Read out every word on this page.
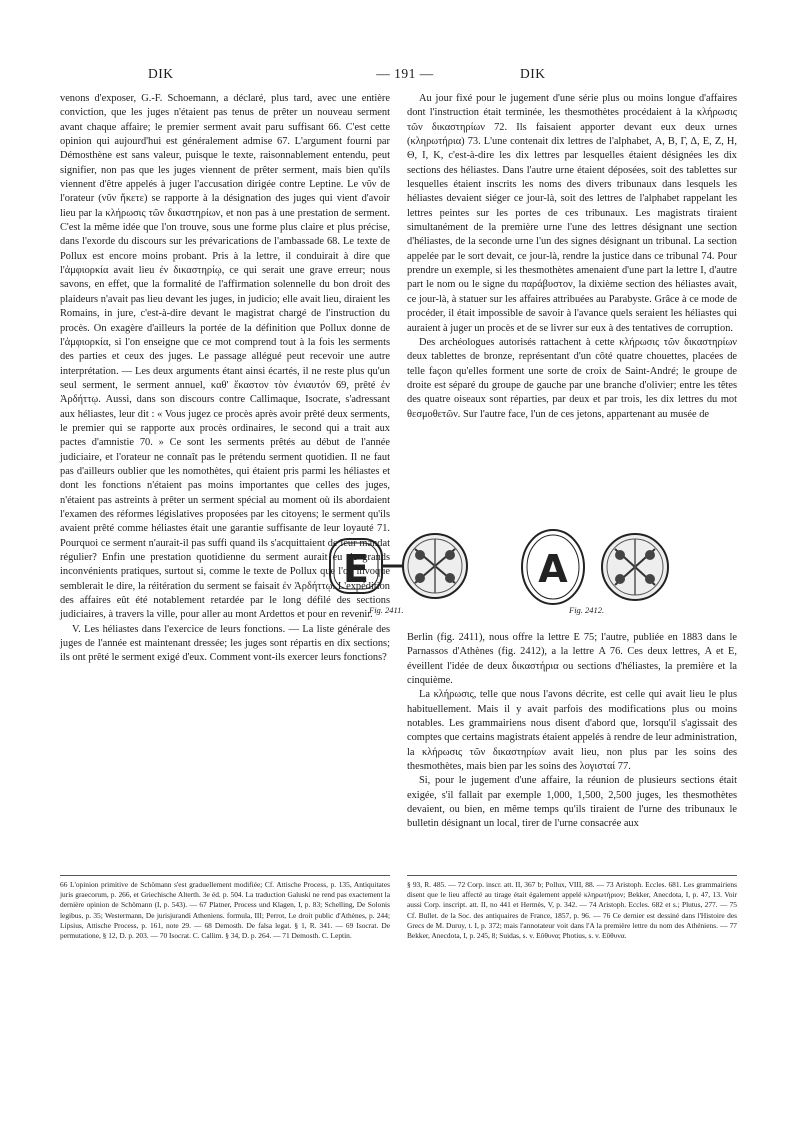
DIK	— 191 —	DIK

venons d'exposer, G.-F. Schoemann, a déclaré, plus tard, avec une entière conviction, que les juges n'étaient pas tenus de prêter un nouveau serment avant chaque affaire; le premier serment avait paru suffisant 66. C'est cette opinion qui aujourd'hui est généralement admise 67. L'argument fourni par Démosthène est sans valeur, puisque le texte, raisonnablement entendu, peut signifier, non pas que les juges viennent de prêter serment, mais bien qu'ils viennent d'être appelés à juger l'accusation dirigée contre Leptine. Le νῦν de l'orateur (νῦν ἥκετε) se rapporte à la désignation des juges qui vient d'avoir lieu par la κλήρωσις τῶν δικαστηρίων, et non pas à une prestation de serment. C'est la même idée que l'on trouve, sous une forme plus claire et plus précise, dans l'exorde du discours sur les prévarications de l'ambassade 68. Le texte de Pollux est encore moins probant. Pris à la lettre, il conduirait à dire que l'ἀμφιορκία avait lieu ἐν δικαστηρίῳ, ce qui serait une grave erreur; nous savons, en effet, que la formalité de l'affirmation solennelle du bon droit des plaideurs n'avait pas lieu devant les juges, in judicio; elle avait lieu, diraient les Romains, in jure, c'est-à-dire devant le magistrat chargé de l'instruction du procès. On exagère d'ailleurs la portée de la définition que Pollux donne de l'ἀμφιορκία, si l'on enseigne que ce mot comprend tout à la fois les serments des parties et ceux des juges. Le passage allégué peut recevoir une autre interprétation. — Les deux arguments étant ainsi écartés, il ne reste plus qu'un seul serment, le serment annuel, καθ' ἕκαστον τὸν ἐνιαυτόν 69, prêté ἐν Ἀρδήττῳ. Aussi, dans son discours contre Callimaque, Isocrate, s'adressant aux héliastes, leur dit : « Vous jugez ce procès après avoir prêté deux serments, le premier qui se rapporte aux procès ordinaires, le second qui a trait aux pactes d'amnistie 70. » Ce sont les serments prêtés au début de l'année judiciaire, et l'orateur ne connaît pas le prétendu serment quotidien. Il ne faut pas d'ailleurs oublier que les nomothètes, qui étaient pris parmi les héliastes et dont les fonctions n'étaient pas moins importantes que celles des juges, n'étaient pas astreints à prêter un serment spécial au moment où ils abordaient l'examen des réformes législatives proposées par les citoyens; le serment qu'ils avaient prêté comme héliastes était une garantie suffisante de leur loyauté 71. Pourquoi ce serment n'aurait-il pas suffi quand ils s'acquittaient de leur mandat régulier? Enfin une prestation quotidienne du serment aurait eu de grands inconvénients pratiques, surtout si, comme le texte de Pollux que l'on invoque semblerait le dire, la réitération du serment se faisait ἐν Ἀρδήττῳ. L'expédition des affaires eût été notablement retardée par le long défilé des sections judiciaires, à travers la ville, pour aller au mont Ardettos et pour en revenir.

V. Les héliastes dans l'exercice de leurs fonctions. — La liste générale des juges de l'année est maintenant dressée; les juges sont répartis en dix sections; ils ont prêté le serment exigé d'eux. Comment vont-ils exercer leurs fonctions?

Au jour fixé pour le jugement d'une série plus ou moins longue d'affaires dont l'instruction était terminée, les thesmothètes procédaient à la κλήρωσις τῶν δικαστηρίων 72. Ils faisaient apporter devant eux deux urnes (κληρωτήρια) 73. L'une contenait dix lettres de l'alphabet, Α, Β, Γ, Δ, Ε, Ζ, Η, Θ, Ι, Κ, c'est-à-dire les dix lettres par lesquelles étaient désignées les dix sections des héliastes. Dans l'autre urne étaient déposées, soit des tablettes sur lesquelles étaient inscrits les noms des divers tribunaux dans lesquels les héliastes devaient siéger ce jour-là, soit des lettres de l'alphabet rappelant les lettres peintes sur les portes de ces tribunaux. Les magistrats tiraient simultanément de la première urne l'une des lettres désignant une section d'héliastes, de la seconde urne l'un des signes désignant un tribunal. La section appelée par le sort devait, ce jour-là, rendre la justice dans ce tribunal 74. Pour prendre un exemple, si les thesmothètes amenaient d'une part la lettre Ι, d'autre part le nom ou le signe du παράβυστον, la dixième section des héliastes avait, ce jour-là, à statuer sur les affaires attribuées au Parabyste. Grâce à ce mode de procéder, il était impossible de savoir à l'avance quels seraient les héliastes qui auraient à juger un procès et de se livrer sur eux à des tentatives de corruption.

Des archéologues autorisés rattachent à cette κλήρωσις τῶν δικαστηρίων deux tablettes de bronze, représentant d'un côté quatre chouettes, placées de telle façon qu'elles forment une sorte de croix de Saint-André; le groupe de droite est séparé du groupe de gauche par une branche d'olivier; entre les têtes des quatre oiseaux sont réparties, par deux et par trois, les dix lettres du mot θεσμοθετῶν. Sur l'autre face, l'un de ces jetons, appartenant au musée de

E	A
Fig. 2411.	Fig. 2412.

Berlin (fig. 2411), nous offre la lettre Ε 75; l'autre, publiée en 1883 dans le Parnassos d'Athènes (fig. 2412), a la lettre Α 76. Ces deux lettres, Α et Ε, éveillent l'idée de deux δικαστήρια ou sections d'héliastes, la première et la cinquième.

La κλήρωσις, telle que nous l'avons décrite, est celle qui avait lieu le plus habituellement. Mais il y avait parfois des modifications plus ou moins notables. Les grammairiens nous disent d'abord que, lorsqu'il s'agissait des comptes que certains magistrats étaient appelés à rendre de leur administration, la κλήρωσις τῶν δικαστηρίων avait lieu, non plus par les soins des thesmothètes, mais bien par les soins des λογισταί 77.

Si, pour le jugement d'une affaire, la réunion de plusieurs sections était exigée, s'il fallait par exemple 1,000, 1,500, 2,500 juges, les thesmothètes devaient, ou bien, en même temps qu'ils tiraient de l'urne des tribunaux le bulletin désignant un local, tirer de l'urne consacrée aux

66 L'opinion primitive de Schömann s'est graduellement modifiée; Cf. Attische Process, p. 135, Antiquitates juris graecorum, p. 266, et Griechische Alterth. 3e éd. p. 504. La traduction Galuski ne rend pas exactement la dernière opinion de Schömann (I, p. 543). — 67 Platner, Process und Klagen, I, p. 83; Schelling, De Solonis legibus, p. 35; Westermann, De jurisjurandi Atheniens. formula, III; Perrot, Le droit public d'Athènes, p. 244; Lipsius, Attische Process, p. 161, note 29. — 68 Demosth. De falsa legat. § 1, R. 341. — 69 Isocrat. De permutatione, § 12, D. p. 203. — 70 Isocrat. C. Callim. § 34, D. p. 264. — 71 Demosth. C. Leptin.
§ 93, R. 485. — 72 Corp. inscr. att. II, 367 b; Pollux, VIII, 88. — 73 Aristoph. Eccles. 681. Les grammairiens disent que le lieu affecté au tirage était également appelé κληρωτήριον; Bekker, Anecdota, I, p. 47, 13. Voir aussi Corp. inscript. att. II, no 441 et Hermès, V, p. 342. — 74 Aristoph. Eccles. 682 et s.; Plutus, 277. — 75 Cf. Bullet. de la Soc. des antiquaires de France, 1857, p. 96. — 76 Ce dernier est dessiné dans l'Histoire des Grecs de M. Duruy, t. I, p. 372; mais l'annotateur voit dans l'A la première lettre du nom des Athéniens. — 77 Bekker, Anecdota, I, p. 245, 8; Suidas, s. v. Εὔθυνα; Photius, s. v. Εὔθυνα.
